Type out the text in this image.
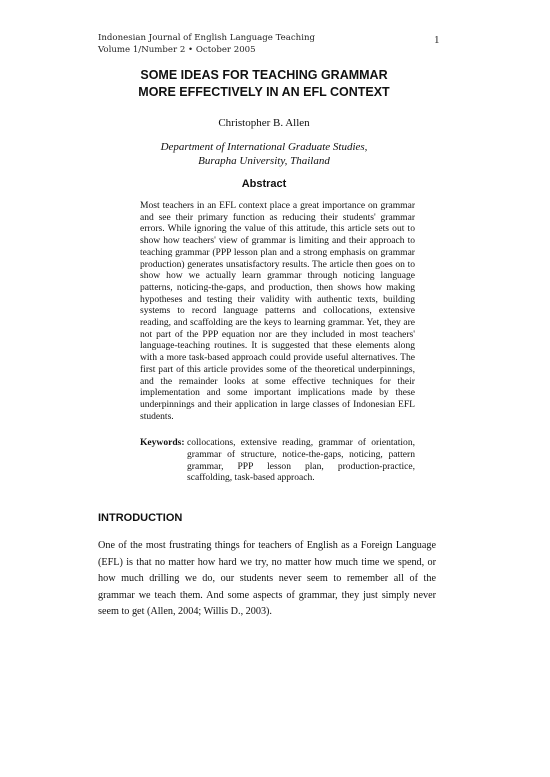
Indonesian Journal of English Language Teaching
Volume 1/Number 2 • October 2005
1
SOME IDEAS FOR TEACHING GRAMMAR
MORE EFFECTIVELY IN AN EFL CONTEXT
Christopher B. Allen
Department of International Graduate Studies,
Burapha University, Thailand
Abstract

Most teachers in an EFL context place a great importance on grammar and see their primary function as reducing their students' grammar errors. While ignoring the value of this attitude, this article sets out to show how teachers' view of grammar is limiting and their approach to teaching grammar (PPP lesson plan and a strong emphasis on grammar production) generates unsatisfactory results. The article then goes on to show how we actually learn grammar through noticing language patterns, noticing-the-gaps, and production, then shows how making hypotheses and testing their validity with authentic texts, building systems to record language patterns and collocations, extensive reading, and scaffolding are the keys to learning grammar. Yet, they are not part of the PPP equation nor are they included in most teachers' language-teaching routines. It is suggested that these elements along with a more task-based approach could provide useful alternatives. The first part of this article provides some of the theoretical underpinnings, and the remainder looks at some effective techniques for their implementation and some important implications made by these underpinnings and their application in large classes of Indonesian EFL students.

Keywords: collocations, extensive reading, grammar of orientation, grammar of structure, notice-the-gaps, noticing, pattern grammar, PPP lesson plan, production-practice, scaffolding, task-based approach.
INTRODUCTION

One of the most frustrating things for teachers of English as a Foreign Language (EFL) is that no matter how hard we try, no matter how much time we spend, or how much drilling we do, our students never seem to remember all of the grammar we teach them. And some aspects of grammar, they just simply never seem to get (Allen, 2004; Willis D., 2003).
